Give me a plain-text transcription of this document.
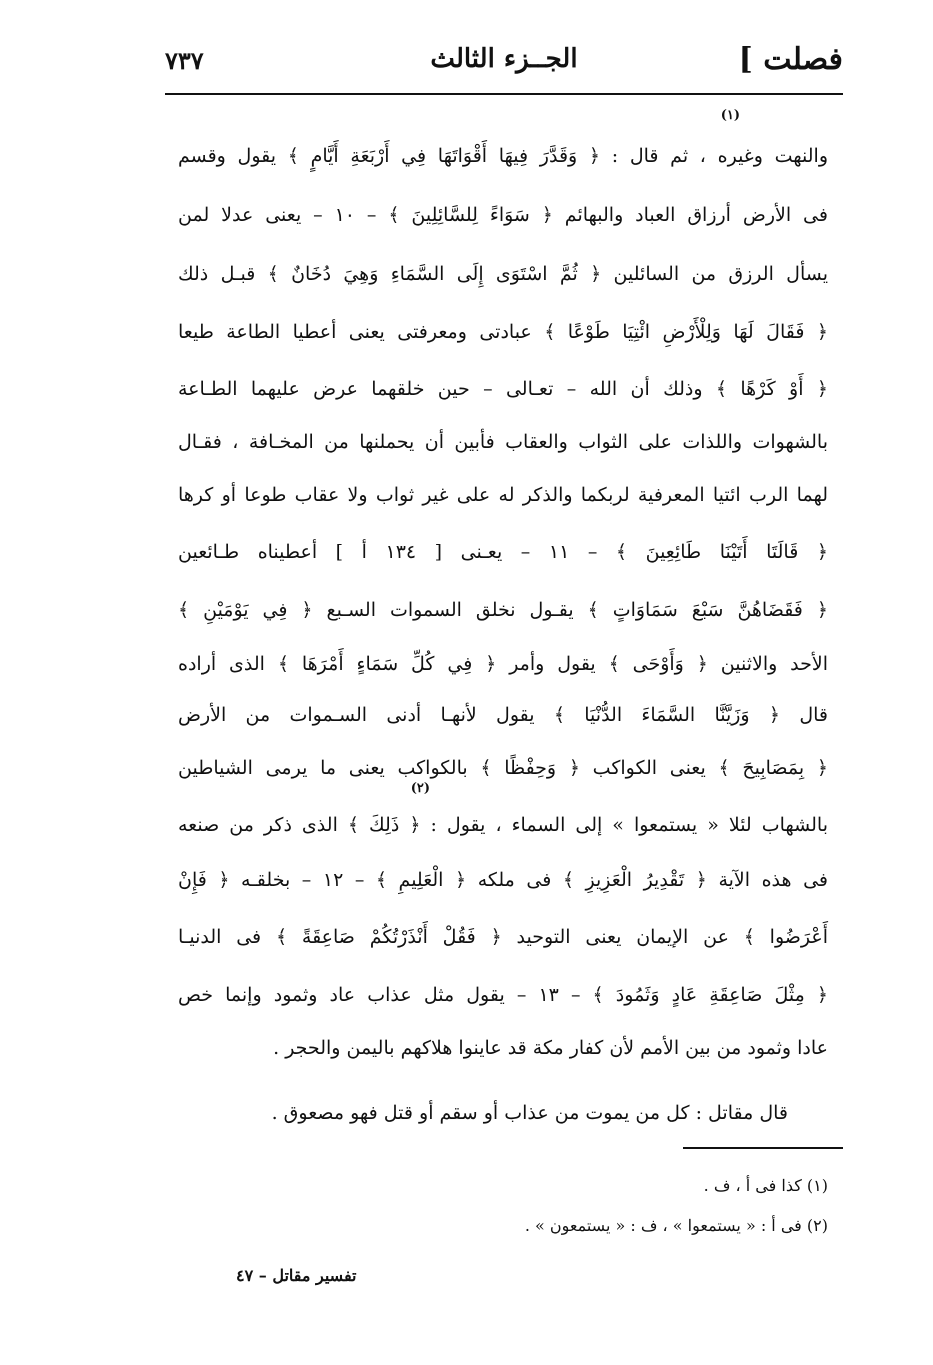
فصلت ]
الجــزء الثالث
٧٣٧
(١)
(٢)
والنهت وغيره ، ثم قال : ﴿ وَقَدَّرَ فِيهَا أَقْوَاتَهَا فِي أَرْبَعَةِ أَيَّامٍ ﴾ يقول وقسم
فى الأرض أرزاق العباد والبهائم ﴿ سَوَاءً لِلسَّائِلِينَ ﴾ – ١٠ – يعنى عدلا لمن
يسأل الرزق من السائلين ﴿ ثُمَّ اسْتَوَى إِلَى السَّمَاءِ وَهِيَ دُخَانٌ ﴾ قبـل ذلك
﴿ فَقَالَ لَهَا وَلِلْأَرْضِ ائْتِيَا طَوْعًا ﴾ عبادتى ومعرفتى يعنى أعطيا الطاعة طيعا
﴿ أَوْ كَرْهًا ﴾ وذلك أن الله – تعـالى – حين خلقهما عرض عليهما الطـاعة
بالشهوات واللذات على الثواب والعقاب فأبين أن يحملنها من المخـافة ، فقـال
لهما الرب ائتيا المعرفية لربكما والذكر له على غير ثواب ولا عقاب طوعا أو كرها
﴿ قَالَتَا أَتَيْنَا طَائِعِينَ ﴾ – ١١ – يعـنى [ ١٣٤ أ ] أعطيناه طـائعين
﴿ فَقَضَاهُنَّ سَبْعَ سَمَاوَاتٍ ﴾ يقـول نخلق السموات السـبع ﴿ فِي يَوْمَيْنِ ﴾
الأحد والاثنين ﴿ وَأَوْحَى ﴾ يقول وأمر ﴿ فِي كُلِّ سَمَاءٍ أَمْرَهَا ﴾ الذى أراده
قال ﴿ وَزَيَّنَّا السَّمَاءَ الدُّنْيَا ﴾ يقول لأنهـا أدنى السـموات من الأرض
﴿ بِمَصَابِيحَ ﴾ يعنى الكواكب ﴿ وَحِفْظًا ﴾ بالكواكب يعنى ما يرمى الشياطين
بالشهاب لئلا « يستمعوا » إلى السماء ، يقول : ﴿ ذَلِكَ ﴾ الذى ذكر من صنعه
فى هذه الآية ﴿ تَقْدِيرُ الْعَزِيزِ ﴾ فى ملكه ﴿ الْعَلِيمِ ﴾ – ١٢ – بخلقـه ﴿ فَإِنْ
أَعْرَضُوا ﴾ عن الإيمان يعنى التوحيد ﴿ فَقُلْ أَنْذَرْتُكُمْ صَاعِقَةً ﴾ فى الدنيـا
﴿ مِثْلَ صَاعِقَةِ عَادٍ وَثَمُودَ ﴾ – ١٣ – يقول مثل عذاب عاد وثمود وإنما خص
عادا وثمود من بين الأمم لأن كفار مكة قد عاينوا هلاكهم باليمن والحجر .
قال مقاتل : كل من يموت من عذاب أو سقم أو قتل فهو مصعوق .
(١) كذا فى أ ، ف .
(٢) فى أ : « يستمعوا » ، ف : « يستمعون » .
تفسير مقاتل – ٤٧
